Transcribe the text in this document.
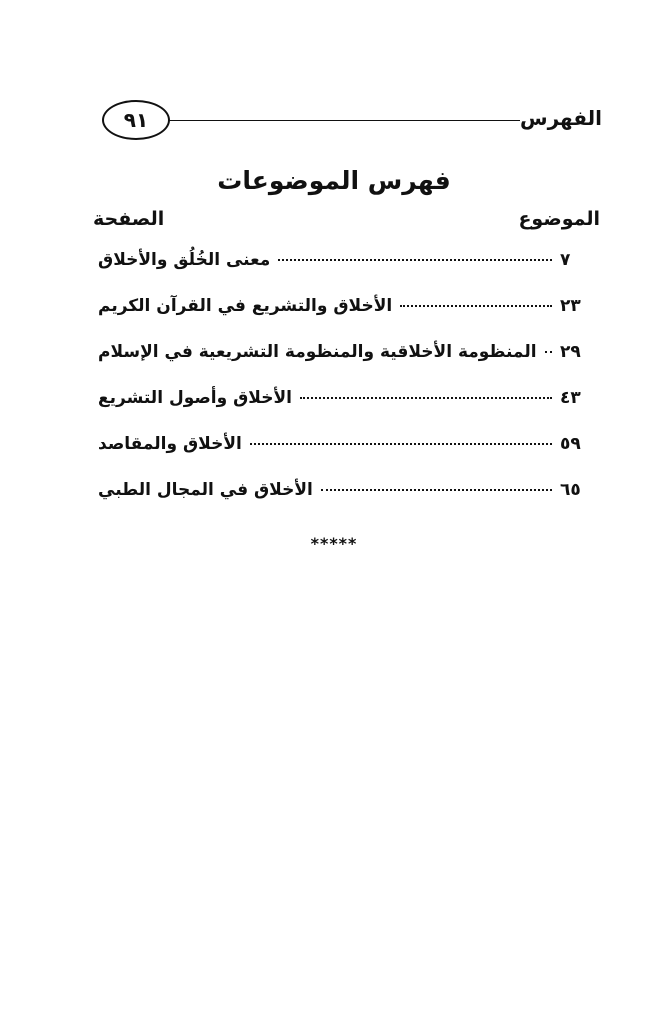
٩١	الفهرس
فهرس الموضوعات
الموضوع
الصفحة
معنى الخُلُق والأخلاق	٧
الأخلاق والتشريع في القرآن الكريم	٢٣
المنظومة الأخلاقية والمنظومة التشريعية في الإسلام ٢٩
الأخلاق وأصول التشريع	٤٣
الأخلاق والمقاصد	٥٩
الأخلاق في المجال الطبي	٦٥
*****
